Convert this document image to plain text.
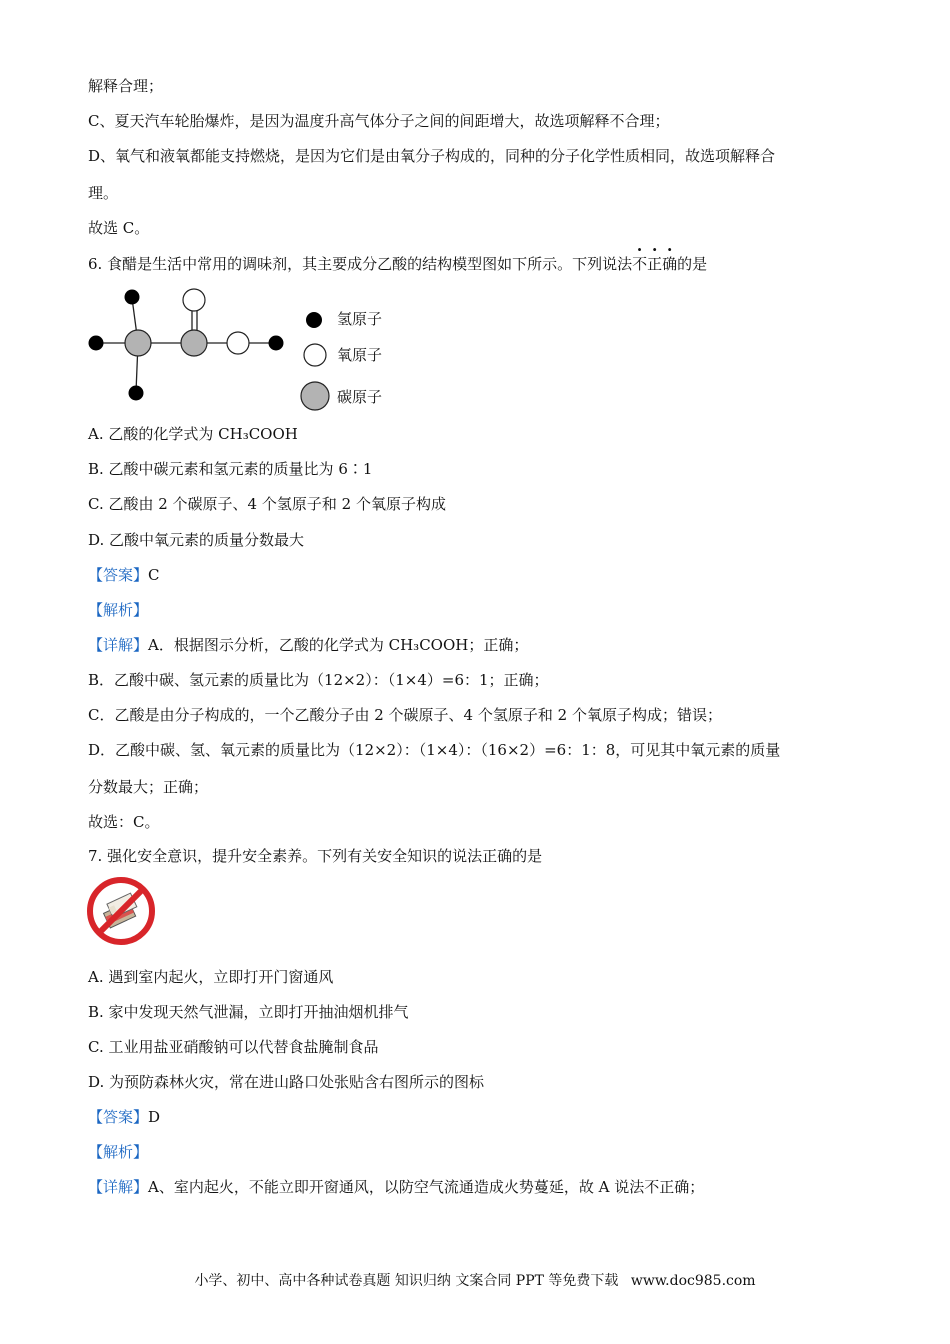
解释合理；
C、夏天汽车轮胎爆炸，是因为温度升高气体分子之间的间距增大，故选项解释不合理；
D、氧气和液氧都能支持燃烧，是因为它们是由氧分子构成的，同种的分子化学性质相同，故选项解释合
理。
故选 C。
6. 食醋是生活中常用的调味剂，其主要成分乙酸的结构模型图如下所示。下列说法不正确的是
氢原子
氧原子
碳原子
A. 乙酸的化学式为 CH₃COOH
B. 乙酸中碳元素和氢元素的质量比为 6∶1
C. 乙酸由 2 个碳原子、4 个氢原子和 2 个氧原子构成
D. 乙酸中氧元素的质量分数最大
【答案】C
【解析】
【详解】A．根据图示分析，乙酸的化学式为 CH₃COOH；正确；
B．乙酸中碳、氢元素的质量比为（12×2）：（1×4）=6：1；正确；
C．乙酸是由分子构成的，一个乙酸分子由 2 个碳原子、4 个氢原子和 2 个氧原子构成；错误；
D．乙酸中碳、氢、氧元素的质量比为（12×2）：（1×4）：（16×2）=6：1：8，可见其中氧元素的质量
分数最大；正确；
故选：C。
7. 强化安全意识，提升安全素养。下列有关安全知识的说法正确的是
A. 遇到室内起火，立即打开门窗通风
B. 家中发现天然气泄漏，立即打开抽油烟机排气
C. 工业用盐亚硝酸钠可以代替食盐腌制食品
D. 为预防森林火灾，常在进山路口处张贴含右图所示的图标
【答案】D
【解析】
【详解】A、室内起火，不能立即开窗通风，以防空气流通造成火势蔓延，故 A 说法不正确；
小学、初中、高中各种试卷真题 知识归纳 文案合同 PPT 等免费下载 www.doc985.com
